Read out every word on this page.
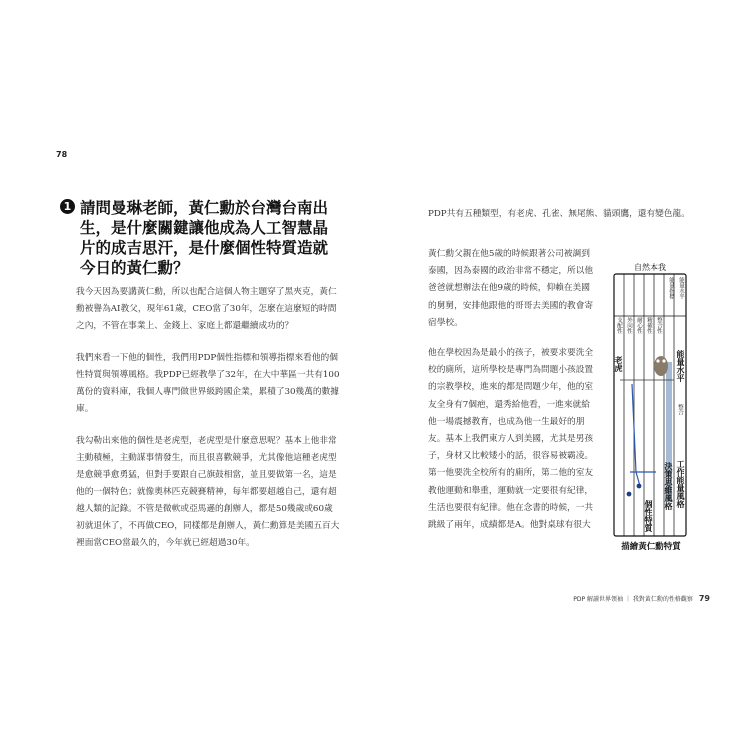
78
1 請問曼琳老師，黃仁勳於台灣台南出生，是什麼關鍵讓他成為人工智慧晶片的成吉思汗，是什麼個性特質造就今日的黃仁勳？

我今天因為要講黃仁勳，所以也配合這個人物主題穿了黑夾克，黃仁勳被譽為AI教父，現年61歲，CEO當了30年，怎麼在這麼短的時間之內，不管在事業上、金錢上、家庭上都還繼續成功的？

我們來看一下他的個性，我們用PDP個性指標和領導指標來看他的個性特質與領導風格。我PDP已經教學了32年，在大中華區一共有100萬份的資料庫，我個人專門做世界級跨國企業，累積了30幾萬的數據庫。

我勾勒出來他的個性是老虎型，老虎型是什麼意思呢？基本上他非常主動積極，主動謀事情發生，而且很喜歡競爭，尤其像他這種老虎型是愈競爭愈勇猛，但對手要跟自己旗鼓相當，並且要做第一名，這是他的一個特色；就像奧林匹克競賽精神，每年都要超越自己，還有超越人類的記錄。不管是微軟或亞馬遜的創辦人，都是50幾歲或60歲初就退休了，不再做CEO，同樣都是創辦人，黃仁勳算是美國五百大裡面當CEO當最久的，今年就已經超過30年。

PDP共有五種類型，有老虎、孔雀、無尾熊、貓頭鷹，還有變色龍。

黃仁勳父親在他5歲的時候跟著公司被調到泰國，因為泰國的政治非常不穩定，所以他爸爸就想辦法在他9歲的時候，仰賴在美國的舅舅，安排他跟他的哥哥去美國的教會寄宿學校。

他在學校因為是最小的孩子，被要求要洗全校的廁所，這所學校是專門為問題小孩設置的宗教學校，進來的都是問題少年，他的室友全身有7個疤，還秀給他看，一進來就給他一場震撼教育，也成為他一生最好的朋友。基本上我們東方人到美國，尤其是男孩子，身材又比較矮小的話，很容易被霸凌。第一他要洗全校所有的廁所，第二他的室友教他運動和舉重，運動就一定要很有紀律，生活也要很有紀律。他在念書的時候，一共跳級了兩年，成績都是A。他對桌球有很大

自然本我
支配性 外向性 耐心性 精確性 整合性
能量指標 能量水平
老虎	能量水平
整合
工作能量風格
決策思維風格
個性特質
描繪黃仁勳特質
PDP 解讀世界領袖 ｜ 我對黃仁勳的性格觀察 79
